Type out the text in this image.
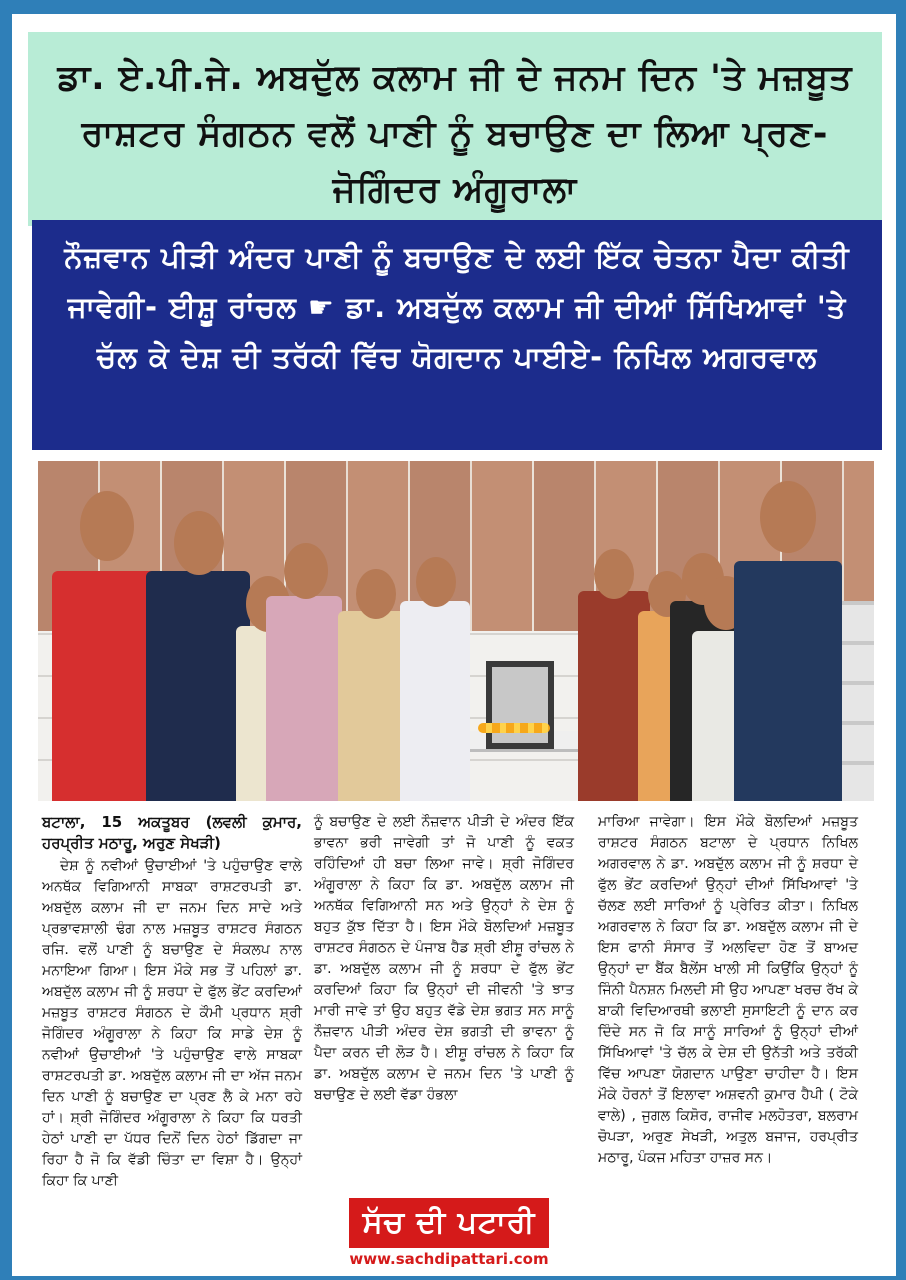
ਡਾ. ਏ.ਪੀ.ਜੇ. ਅਬਦੁੱਲ ਕਲਾਮ ਜੀ ਦੇ ਜਨਮ ਦਿਨ 'ਤੇ ਮਜ਼ਬੂਤ ਰਾਸ਼ਟਰ ਸੰਗਠਨ ਵਲੋਂ ਪਾਣੀ ਨੂੰ ਬਚਾਉਣ ਦਾ ਲਿਆ ਪ੍ਰਣ- ਜੋਗਿੰਦਰ ਅੰਗੂਰਾਲਾ
ਨੌਜ਼ਵਾਨ ਪੀੜੀ ਅੰਦਰ ਪਾਣੀ ਨੂੰ ਬਚਾਉਣ ਦੇ ਲਈ ਇੱਕ ਚੇਤਨਾ ਪੈਦਾ ਕੀਤੀ ਜਾਵੇਗੀ- ਈਸ਼ੂ ਰਾਂਚਲ ☛ ਡਾ. ਅਬਦੁੱਲ ਕਲਾਮ ਜੀ ਦੀਆਂ ਸਿੱਖਿਆਵਾਂ 'ਤੇ ਚੱਲ ਕੇ ਦੇਸ਼ ਦੀ ਤਰੱਕੀ ਵਿੱਚ ਯੋਗਦਾਨ ਪਾਈਏ- ਨਿਖਿਲ ਅਗਰਵਾਲ
ਬਟਾਲਾ, 15 ਅਕਤੂਬਰ (ਲਵਲੀ ਕੁਮਾਰ, ਹਰਪ੍ਰੀਤ ਮਠਾਰੂ, ਅਰੁਣ ਸੇਖੜੀ)

ਦੇਸ਼ ਨੂੰ ਨਵੀਆਂ ਉਚਾਈਆਂ 'ਤੇ ਪਹੁੰਚਾਉਣ ਵਾਲੇ ਅਨਥੱਕ ਵਿਗਿਆਨੀ ਸਾਬਕਾ ਰਾਸ਼ਟਰਪਤੀ ਡਾ. ਅਬਦੁੱਲ ਕਲਾਮ ਜੀ ਦਾ ਜਨਮ ਦਿਨ ਸਾਦੇ ਅਤੇ ਪ੍ਰਭਾਵਸ਼ਾਲੀ ਢੰਗ ਨਾਲ ਮਜ਼ਬੂਤ ਰਾਸ਼ਟਰ ਸੰਗਠਨ ਰਜਿ. ਵਲੋਂ ਪਾਣੀ ਨੂੰ ਬਚਾਉਣ ਦੇ ਸੰਕਲਪ ਨਾਲ ਮਨਾਇਆ ਗਿਆ। ਇਸ ਮੌਕੇ ਸਭ ਤੋਂ ਪਹਿਲਾਂ ਡਾ. ਅਬਦੁੱਲ ਕਲਾਮ ਜੀ ਨੂੰ ਸ਼ਰਧਾ ਦੇ ਫੁੱਲ ਭੇਂਟ ਕਰਦਿਆਂ ਮਜ਼ਬੂਤ ਰਾਸ਼ਟਰ ਸੰਗਠਨ ਦੇ ਕੌਮੀ ਪ੍ਰਧਾਨ ਸ਼੍ਰੀ ਜੋਗਿੰਦਰ ਅੰਗੂਰਾਲਾ ਨੇ ਕਿਹਾ ਕਿ ਸਾਡੇ ਦੇਸ਼ ਨੂੰ ਨਵੀਆਂ ਉਚਾਈਆਂ 'ਤੇ ਪਹੁੰਚਾਉਣ ਵਾਲੇ ਸਾਬਕਾ ਰਾਸ਼ਟਰਪਤੀ ਡਾ. ਅਬਦੁੱਲ ਕਲਾਮ ਜੀ ਦਾ ਅੱਜ ਜਨਮ ਦਿਨ ਪਾਣੀ ਨੂੰ ਬਚਾਉਣ ਦਾ ਪ੍ਰਣ ਲੈ ਕੇ ਮਨਾ ਰਹੇ ਹਾਂ। ਸ਼੍ਰੀ ਜੋਗਿੰਦਰ ਅੰਗੂਰਾਲਾ ਨੇ ਕਿਹਾ ਕਿ ਧਰਤੀ ਹੇਠਾਂ ਪਾਣੀ ਦਾ ਪੱਧਰ ਦਿਨੋਂ ਦਿਨ ਹੇਠਾਂ ਡਿੱਗਦਾ ਜਾ ਰਿਹਾ ਹੈ ਜੋ ਕਿ ਵੱਡੀ ਚਿੰਤਾ ਦਾ ਵਿਸ਼ਾ ਹੈ। ਉਨ੍ਹਾਂ ਕਿਹਾ ਕਿ ਪਾਣੀ

ਨੂੰ ਬਚਾਉਣ ਦੇ ਲਈ ਨੌਜ਼ਵਾਨ ਪੀੜੀ ਦੇ ਅੰਦਰ ਇੱਕ ਭਾਵਨਾ ਭਰੀ ਜਾਵੇਗੀ ਤਾਂ ਜੋ ਪਾਣੀ ਨੂੰ ਵਕਤ ਰਹਿੰਦਿਆਂ ਹੀ ਬਚਾ ਲਿਆ ਜਾਵੇ। ਸ਼੍ਰੀ ਜੋਗਿੰਦਰ ਅੰਗੂਰਾਲਾ ਨੇ ਕਿਹਾ ਕਿ ਡਾ. ਅਬਦੁੱਲ ਕਲਾਮ ਜੀ ਅਨਥੱਕ ਵਿਗਿਆਨੀ ਸਨ ਅਤੇ ਉਨ੍ਹਾਂ ਨੇ ਦੇਸ਼ ਨੂੰ ਬਹੁਤ ਕੁੱਝ ਦਿੱਤਾ ਹੈ। ਇਸ ਮੌਕੇ ਬੋਲਦਿਆਂ ਮਜ਼ਬੂਤ ਰਾਸ਼ਟਰ ਸੰਗਠਨ ਦੇ ਪੰਜਾਬ ਹੈਡ ਸ਼੍ਰੀ ਈਸ਼ੂ ਰਾਂਚਲ ਨੇ ਡਾ. ਅਬਦੁੱਲ ਕਲਾਮ ਜੀ ਨੂੰ ਸ਼ਰਧਾ ਦੇ ਫੁੱਲ ਭੇਂਟ ਕਰਦਿਆਂ ਕਿਹਾ ਕਿ ਉਨ੍ਹਾਂ ਦੀ ਜੀਵਨੀ 'ਤੇ ਝਾਤ ਮਾਰੀ ਜਾਵੇ ਤਾਂ ਉਹ ਬਹੁਤ ਵੱਡੇ ਦੇਸ਼ ਭਗਤ ਸਨ ਸਾਨੂੰ ਨੌਜ਼ਵਾਨ ਪੀੜੀ ਅੰਦਰ ਦੇਸ਼ ਭਗਤੀ ਦੀ ਭਾਵਨਾ ਨੂੰ ਪੈਦਾ ਕਰਨ ਦੀ ਲੋੜ ਹੈ। ਈਸ਼ੂ ਰਾਂਚਲ ਨੇ ਕਿਹਾ ਕਿ ਡਾ. ਅਬਦੁੱਲ ਕਲਾਮ ਦੇ ਜਨਮ ਦਿਨ 'ਤੇ ਪਾਣੀ ਨੂੰ ਬਚਾਉਣ ਦੇ ਲਈ ਵੱਡਾ ਹੰਭਲਾ

ਮਾਰਿਆ ਜਾਵੇਗਾ। ਇਸ ਮੌਕੇ ਬੋਲਦਿਆਂ ਮਜ਼ਬੂਤ ਰਾਸ਼ਟਰ ਸੰਗਠਨ ਬਟਾਲਾ ਦੇ ਪ੍ਰਧਾਨ ਨਿਖਿਲ ਅਗਰਵਾਲ ਨੇ ਡਾ. ਅਬਦੁੱਲ ਕਲਾਮ ਜੀ ਨੂੰ ਸ਼ਰਧਾ ਦੇ ਫੁੱਲ ਭੇਂਟ ਕਰਦਿਆਂ ਉਨ੍ਹਾਂ ਦੀਆਂ ਸਿੱਖਿਆਵਾਂ 'ਤੇ ਚੱਲਣ ਲਈ ਸਾਰਿਆਂ ਨੂੰ ਪ੍ਰੇਰਿਤ ਕੀਤਾ। ਨਿਖਿਲ ਅਗਰਵਾਲ ਨੇ ਕਿਹਾ ਕਿ ਡਾ. ਅਬਦੁੱਲ ਕਲਾਮ ਜੀ ਦੇ ਇਸ ਫਾਨੀ ਸੰਸਾਰ ਤੋਂ ਅਲਵਿਦਾ ਹੋਣ ਤੋਂ ਬਾਅਦ ਉਨ੍ਹਾਂ ਦਾ ਬੈਂਕ ਬੈਲੇਂਸ ਖਾਲੀ ਸੀ ਕਿਉਂਕਿ ਉਨ੍ਹਾਂ ਨੂੰ ਜਿੰਨੀ ਪੈਨਸ਼ਨ ਮਿਲਦੀ ਸੀ ਉਹ ਆਪਣਾ ਖਰਚ ਰੱਖ ਕੇ ਬਾਕੀ ਵਿਦਿਆਰਥੀ ਭਲਾਈ ਸੁਸਾਇਟੀ ਨੂੰ ਦਾਨ ਕਰ ਦਿੰਦੇ ਸਨ ਜੋ ਕਿ ਸਾਨੂੰ ਸਾਰਿਆਂ ਨੂੰ ਉਨ੍ਹਾਂ ਦੀਆਂ ਸਿੱਖਿਆਵਾਂ 'ਤੇ ਚੱਲ ਕੇ ਦੇਸ਼ ਦੀ ਉਨੱਤੀ ਅਤੇ ਤਰੱਕੀ ਵਿੱਚ ਆਪਣਾ ਯੋਗਦਾਨ ਪਾਉਣਾ ਚਾਹੀਦਾ ਹੈ। ਇਸ ਮੌਕੇ ਹੋਰਨਾਂ ਤੋਂ ਇਲਾਵਾ ਅਸ਼ਵਨੀ ਕੁਮਾਰ ਹੈਪੀ ( ਟੋਕੇ ਵਾਲੇ) , ਜੁਗਲ ਕਿਸ਼ੋਰ, ਰਾਜੀਵ ਮਲਹੋਤਰਾ, ਬਲਰਾਮ ਚੋਪੜਾ, ਅਰੁਣ ਸੇਖੜੀ, ਅਤੁਲ ਬਜਾਜ, ਹਰਪ੍ਰੀਤ ਮਠਾਰੂ, ਪੰਕਜ ਮਹਿਤਾ ਹਾਜ਼ਰ ਸਨ।

ਸੱਚ ਦੀ ਪਟਾਰੀ
www.sachdipattari.com
